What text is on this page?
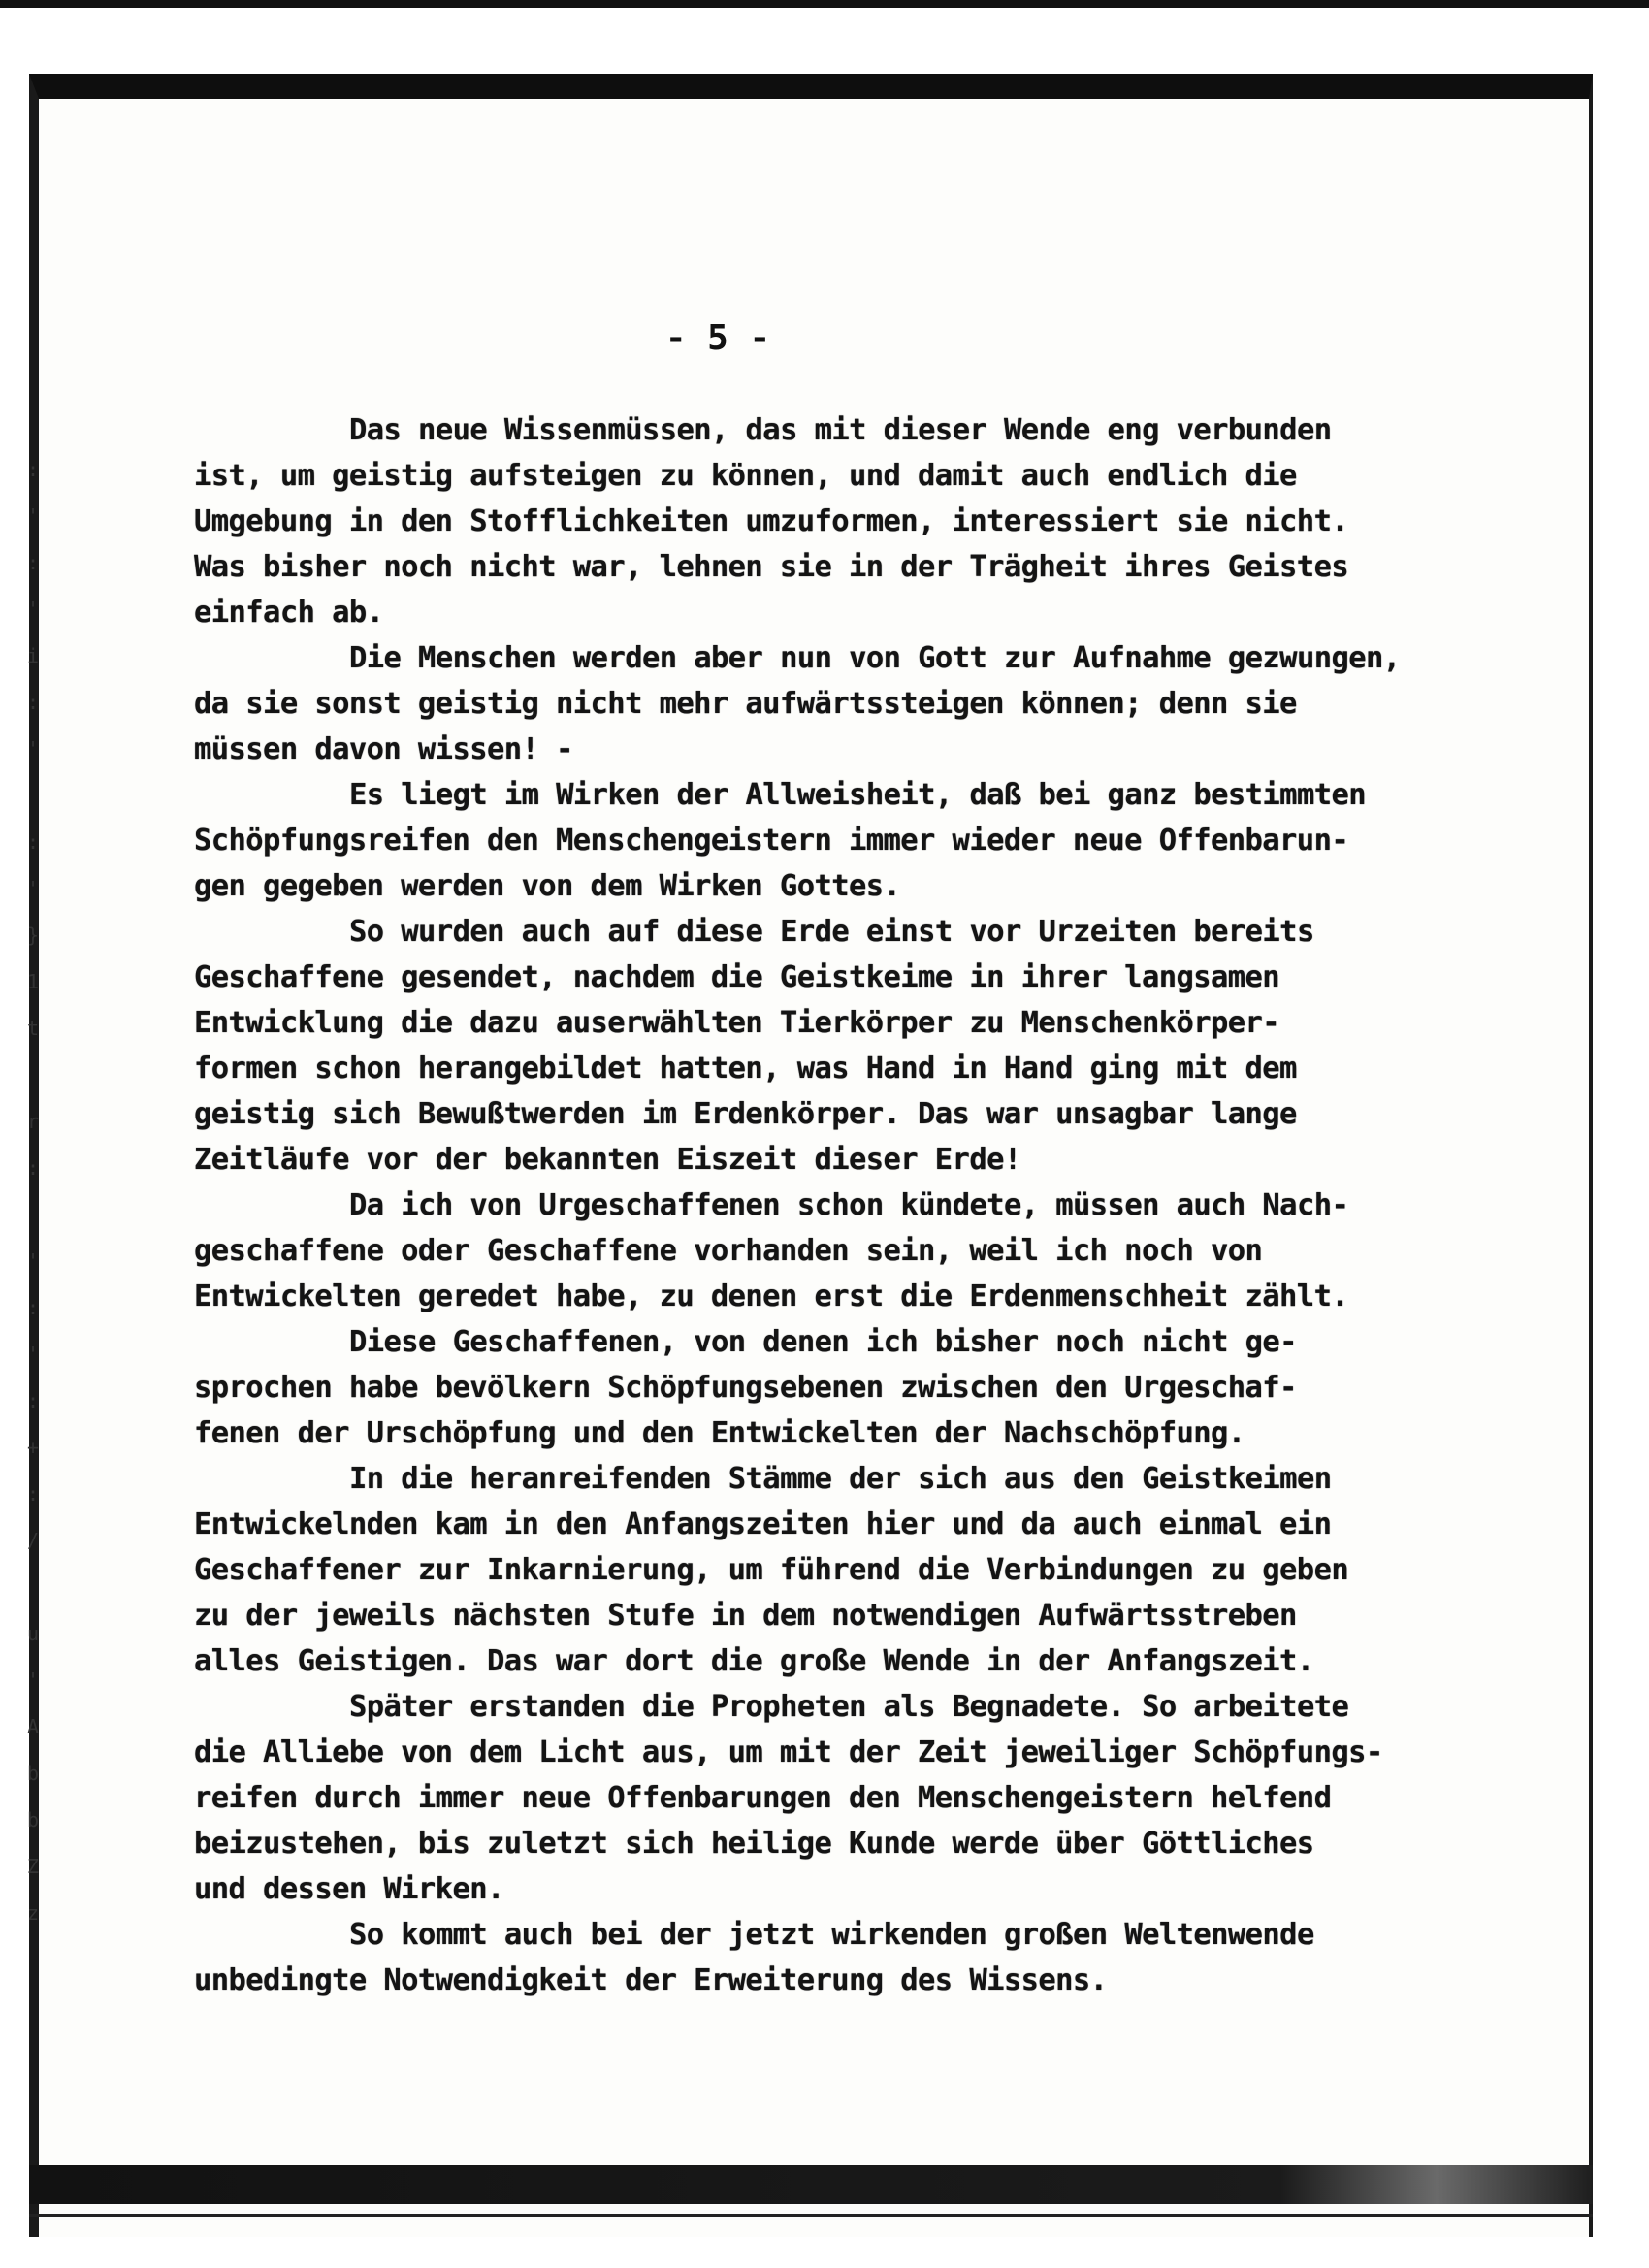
- 5 -
Das neue Wissenmüssen, das mit dieser Wende eng verbunden
ist, um geistig aufsteigen zu können, und damit auch endlich die
Umgebung in den Stofflichkeiten umzuformen, interessiert sie nicht.
Was bisher noch nicht war, lehnen sie in der Trägheit ihres Geistes
einfach ab.
Die Menschen werden aber nun von Gott zur Aufnahme gezwungen,
da sie sonst geistig nicht mehr aufwärtssteigen können; denn sie
müssen davon wissen! -
Es liegt im Wirken der Allweisheit, daß bei ganz bestimmten
Schöpfungsreifen den Menschengeistern immer wieder neue Offenbarun-
gen gegeben werden von dem Wirken Gottes.
So wurden auch auf diese Erde einst vor Urzeiten bereits
Geschaffene gesendet, nachdem die Geistkeime in ihrer langsamen
Entwicklung die dazu auserwählten Tierkörper zu Menschenkörper-
formen schon herangebildet hatten, was Hand in Hand ging mit dem
geistig sich Bewußtwerden im Erdenkörper. Das war unsagbar lange
Zeitläufe vor der bekannten Eiszeit dieser Erde!
Da ich von Urgeschaffenen schon kündete, müssen auch Nach-
geschaffene oder Geschaffene vorhanden sein, weil ich noch von
Entwickelten geredet habe, zu denen erst die Erdenmenschheit zählt.
Diese Geschaffenen, von denen ich bisher noch nicht ge-
sprochen habe bevölkern Schöpfungsebenen zwischen den Urgeschaf-
fenen der Urschöpfung und den Entwickelten der Nachschöpfung.
In die heranreifenden Stämme der sich aus den Geistkeimen
Entwickelnden kam in den Anfangszeiten hier und da auch einmal ein
Geschaffener zur Inkarnierung, um führend die Verbindungen zu geben
zu der jeweils nächsten Stufe in dem notwendigen Aufwärtsstreben
alles Geistigen. Das war dort die große Wende in der Anfangszeit.
Später erstanden die Propheten als Begnadete. So arbeitete
die Alliebe von dem Licht aus, um mit der Zeit jeweiliger Schöpfungs-
reifen durch immer neue Offenbarungen den Menschengeistern helfend
beizustehen, bis zuletzt sich heilige Kunde werde über Göttliches
und dessen Wirken.
So kommt auch bei der jetzt wirkenden großen Weltenwende
unbedingte Notwendigkeit der Erweiterung des Wissens.
:
'
:
'
i
:
'

:
'
}
1
t

r
:

'
:
'
:
+
:
/

u
'
A
b
b
Z
z
